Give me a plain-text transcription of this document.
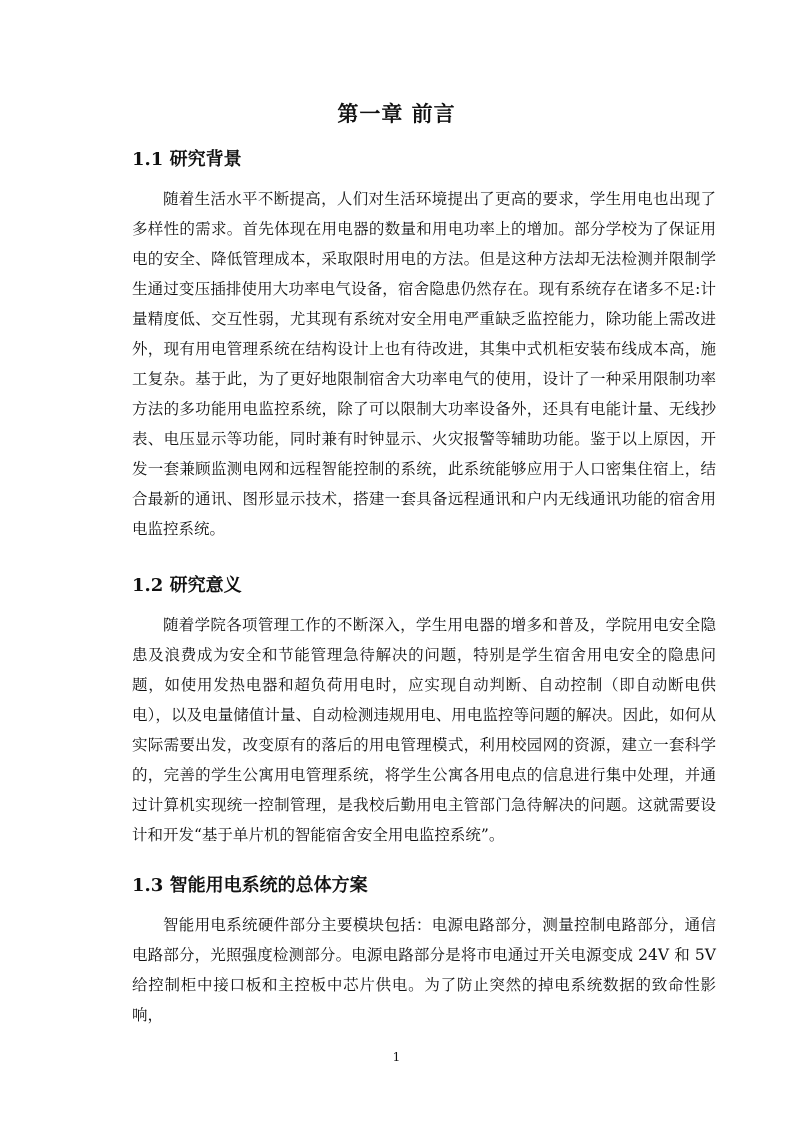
第一章 前言
1.1 研究背景

随着生活水平不断提高，人们对生活环境提出了更高的要求，学生用电也出现了多样性的需求。首先体现在用电器的数量和用电功率上的增加。部分学校为了保证用电的安全、降低管理成本，采取限时用电的方法。但是这种方法却无法检测并限制学生通过变压插排使用大功率电气设备，宿舍隐患仍然存在。现有系统存在诸多不足:计量精度低、交互性弱，尤其现有系统对安全用电严重缺乏监控能力，除功能上需改进外，现有用电管理系统在结构设计上也有待改进，其集中式机柜安装布线成本高，施工复杂。基于此，为了更好地限制宿舍大功率电气的使用，设计了一种采用限制功率方法的多功能用电监控系统，除了可以限制大功率设备外，还具有电能计量、无线抄表、电压显示等功能，同时兼有时钟显示、火灾报警等辅助功能。鉴于以上原因，开发一套兼顾监测电网和远程智能控制的系统，此系统能够应用于人口密集住宿上，结合最新的通讯、图形显示技术，搭建一套具备远程通讯和户内无线通讯功能的宿舍用电监控系统。

1.2 研究意义

随着学院各项管理工作的不断深入，学生用电器的增多和普及，学院用电安全隐患及浪费成为安全和节能管理急待解决的问题，特别是学生宿舍用电安全的隐患问题，如使用发热电器和超负荷用电时，应实现自动判断、自动控制（即自动断电供电），以及电量储值计量、自动检测违规用电、用电监控等问题的解决。因此，如何从实际需要出发，改变原有的落后的用电管理模式，利用校园网的资源，建立一套科学的，完善的学生公寓用电管理系统，将学生公寓各用电点的信息进行集中处理，并通过计算机实现统一控制管理，是我校后勤用电主管部门急待解决的问题。这就需要设计和开发“基于单片机的智能宿舍安全用电监控系统”。

1.3 智能用电系统的总体方案

智能用电系统硬件部分主要模块包括：电源电路部分，测量控制电路部分，通信电路部分，光照强度检测部分。电源电路部分是将市电通过开关电源变成 24V 和 5V 给控制柜中接口板和主控板中芯片供电。为了防止突然的掉电系统数据的致命性影响，

1
